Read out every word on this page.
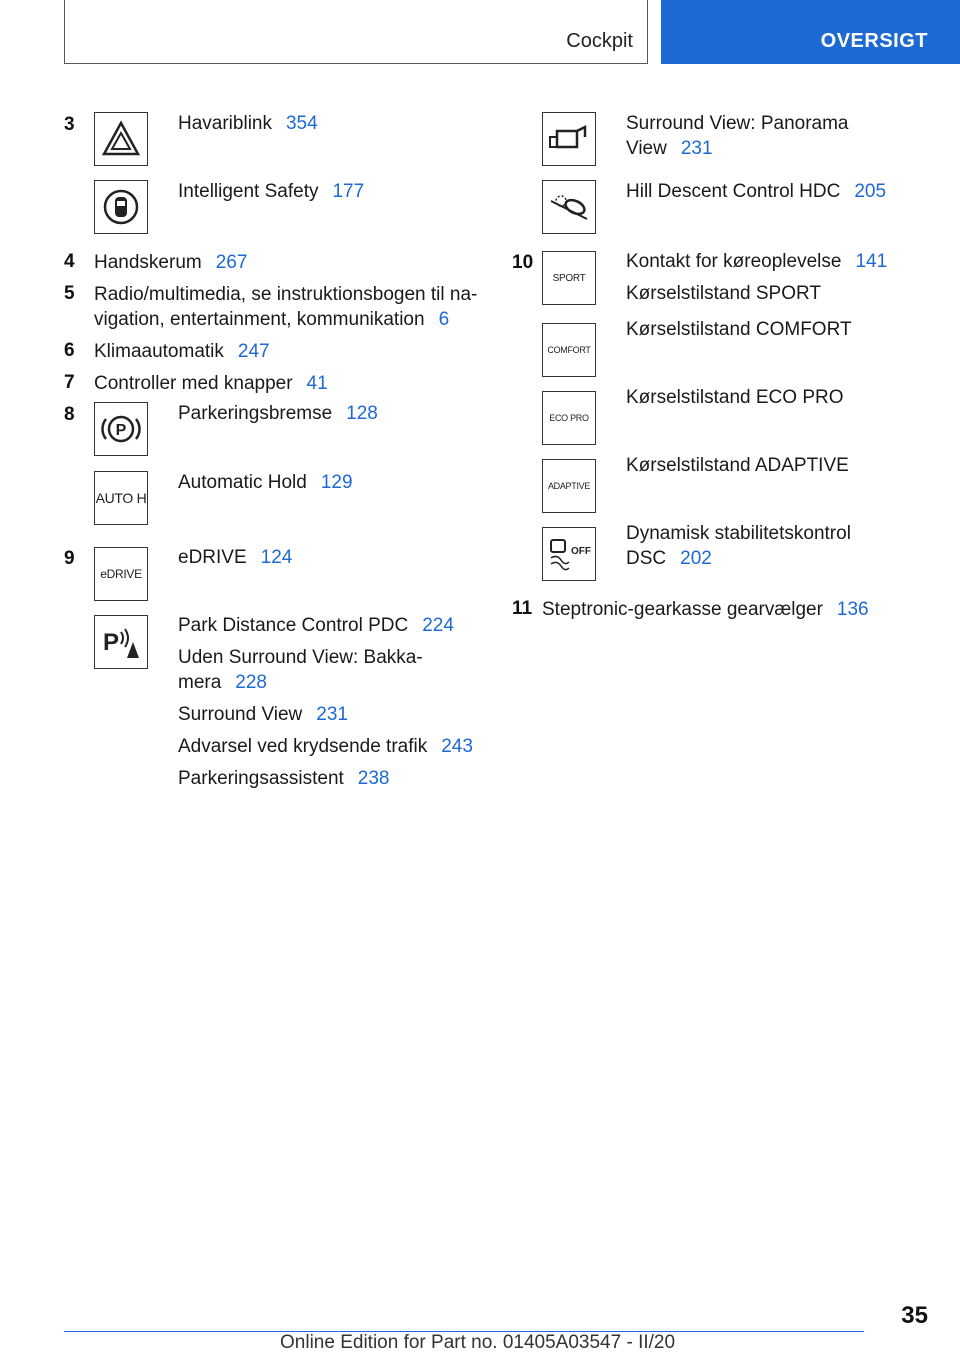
Cockpit	OVERSIGT
3	Havariblink 354
Intelligent Safety 177
4 Handskerum 267
5 Radio/multimedia, se instruktionsbogen til na-vigation, entertainment, kommunikation 6
6 Klimaautomatik 247
7 Controller med knapper 41
8
P
Parkeringsbremse 128
AUTO H
Automatic Hold 129
9
eDRIVE
eDRIVE 124
P
Park Distance Control PDC 224
Uden Surround View: Bakka-mera 228
Surround View 231
Advarsel ved krydsende trafik 243
Parkeringsassistent 238
Surround View: Panorama View 231
Hill Descent Control HDC 205
10
SPORT
Kontakt for køreoplevelse 141
Kørselstilstand SPORT
COMFORT
Kørselstilstand COMFORT
ECO PRO
Kørselstilstand ECO PRO
ADAPTIVE
Kørselstilstand ADAPTIVE
OFF
Dynamisk stabilitetskontrol DSC 202
11 Steptronic-gearkasse gearvælger 136
35
Online Edition for Part no. 01405A03547 - II/20
